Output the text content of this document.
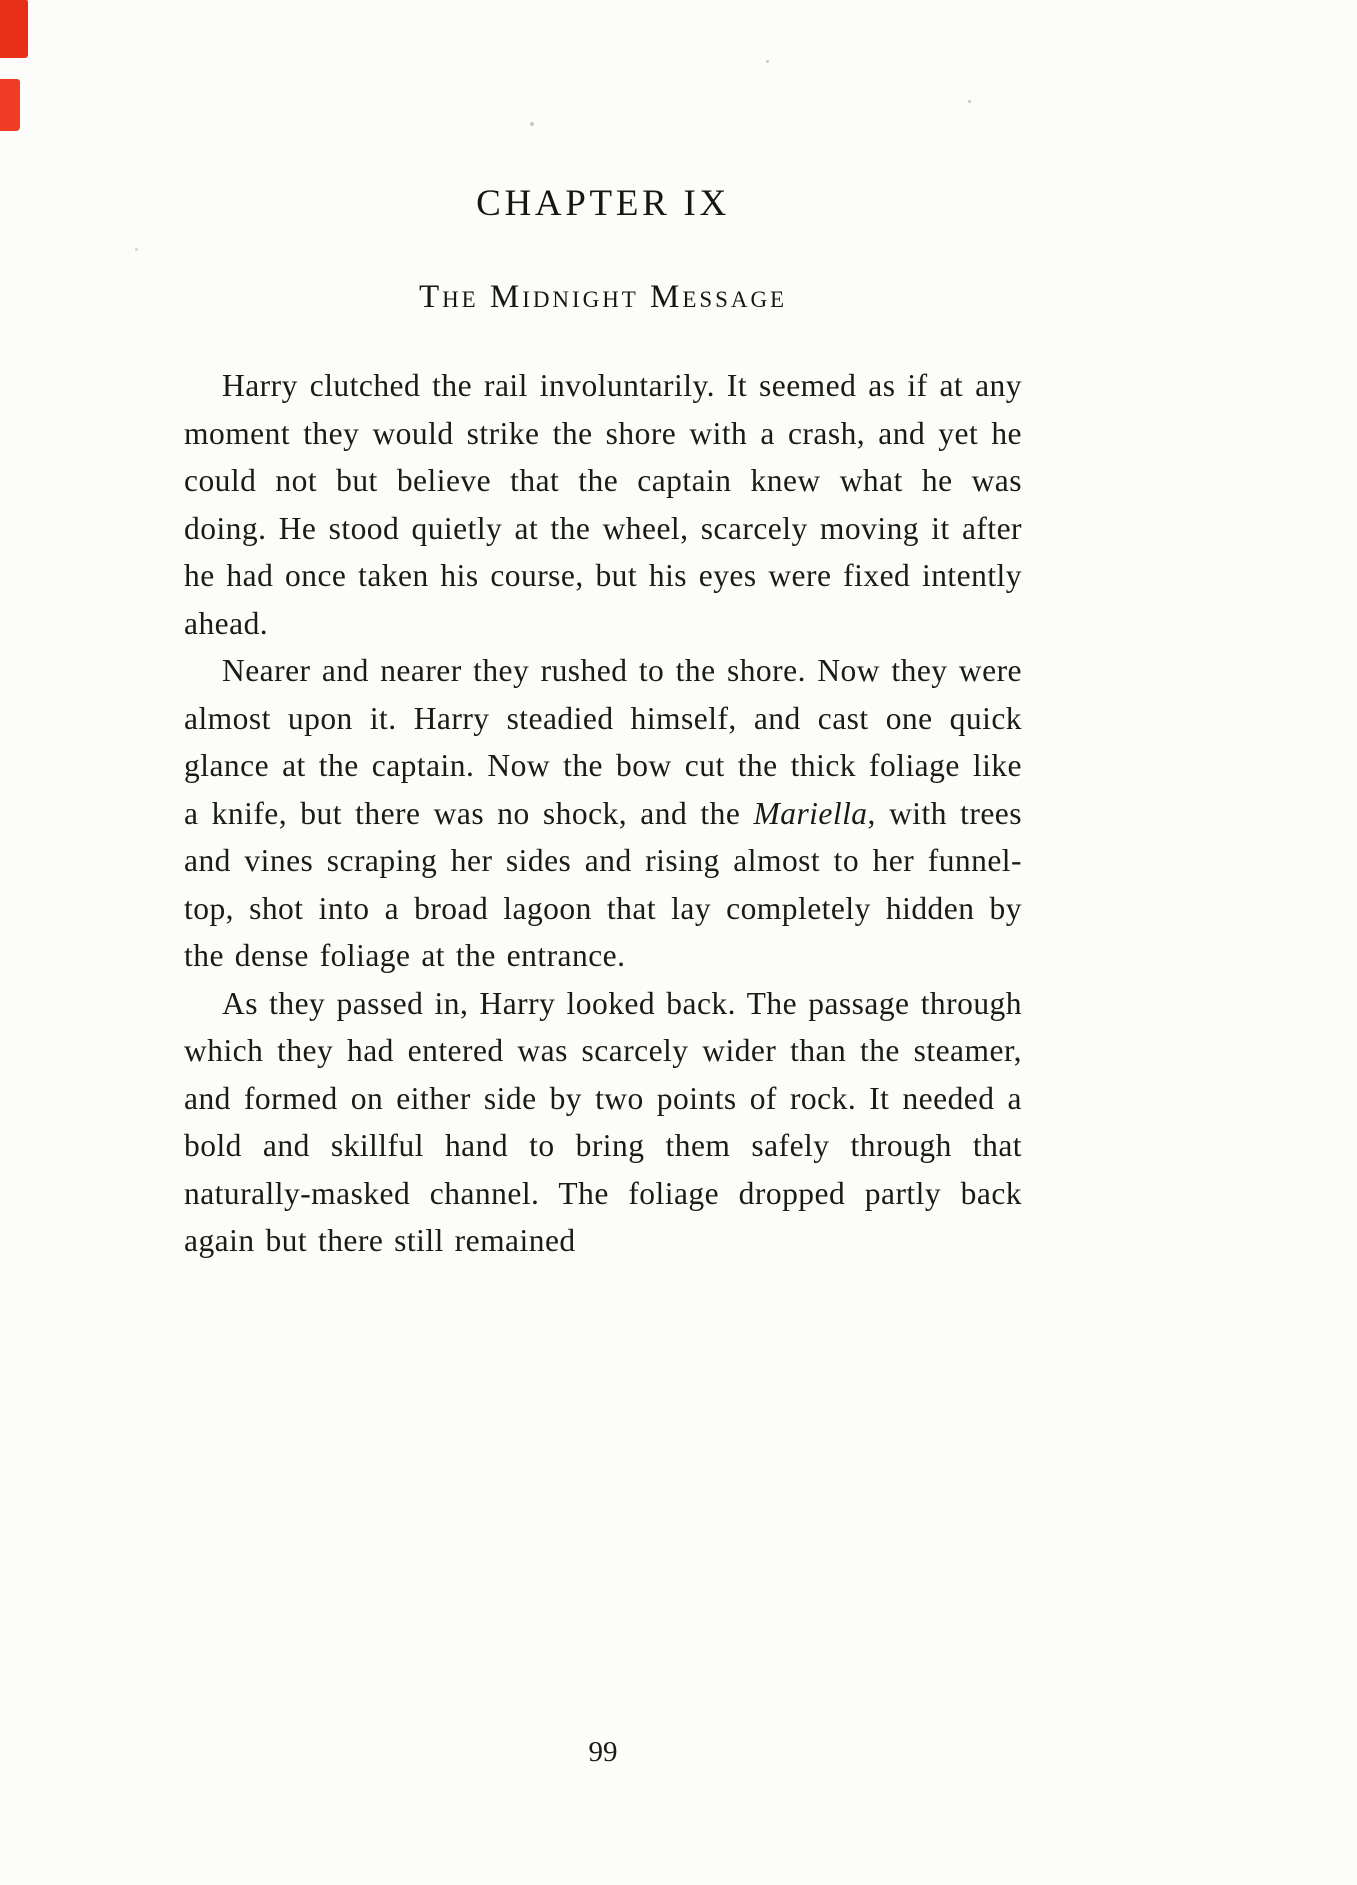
CHAPTER IX
The Midnight Message

Harry clutched the rail involuntarily. It seemed as if at any moment they would strike the shore with a crash, and yet he could not but believe that the captain knew what he was doing. He stood quietly at the wheel, scarcely moving it after he had once taken his course, but his eyes were fixed intently ahead.

Nearer and nearer they rushed to the shore. Now they were almost upon it. Harry steadied himself, and cast one quick glance at the captain. Now the bow cut the thick foliage like a knife, but there was no shock, and the Mariella, with trees and vines scraping her sides and rising almost to her funnel-top, shot into a broad lagoon that lay completely hidden by the dense foliage at the entrance.

As they passed in, Harry looked back. The passage through which they had entered was scarcely wider than the steamer, and formed on either side by two points of rock. It needed a bold and skillful hand to bring them safely through that naturally-masked channel. The foliage dropped partly back again but there still remained

99
